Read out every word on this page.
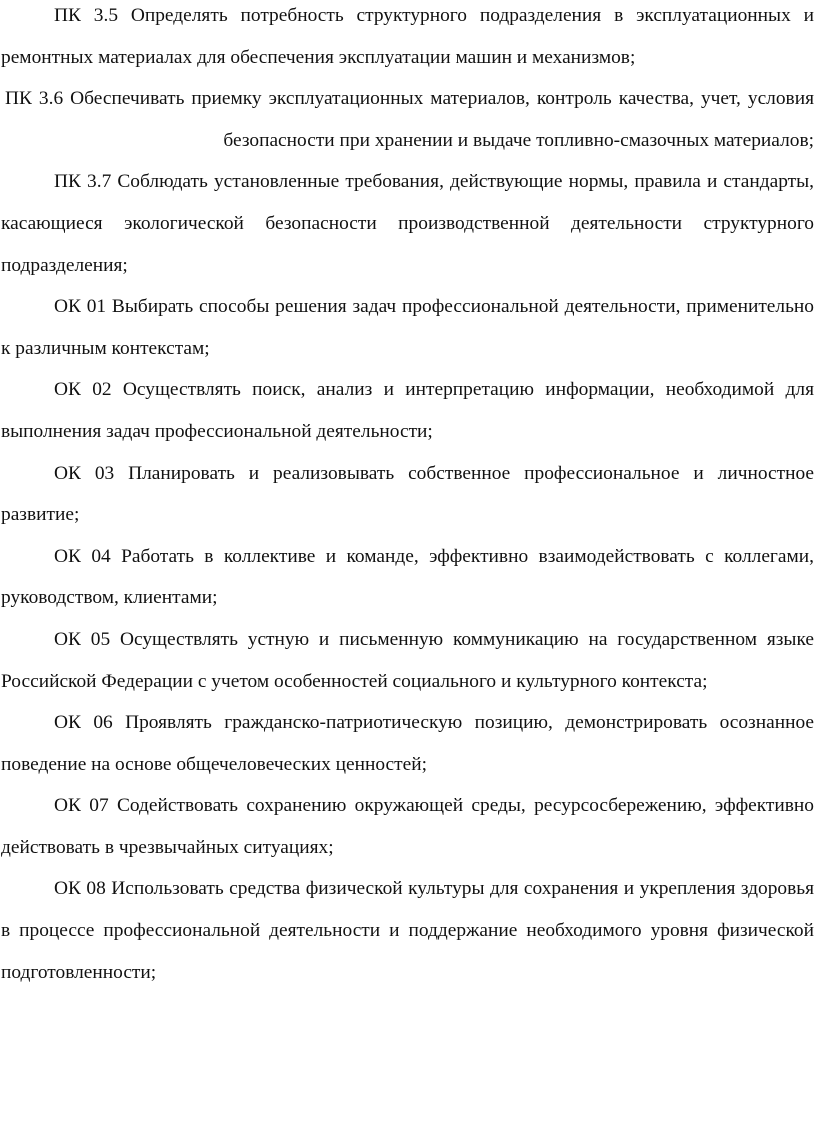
ПК 3.5 Определять потребность структурного подразделения в эксплуатационных и ремонтных материалах для обеспечения эксплуатации машин и механизмов;

ПК 3.6 Обеспечивать приемку эксплуатационных материалов, контроль качества, учет, условия безопасности при хранении и выдаче топливно-смазочных материалов;

ПК 3.7 Соблюдать установленные требования, действующие нормы, правила и стандарты, касающиеся экологической безопасности производственной деятельности структурного подразделения;

ОК 01 Выбирать способы решения задач профессиональной деятельности, применительно к различным контекстам;

ОК 02 Осуществлять поиск, анализ и интерпретацию информации, необходимой для выполнения задач профессиональной деятельности;

ОК 03 Планировать и реализовывать собственное профессиональное и личностное развитие;

ОК 04 Работать в коллективе и команде, эффективно взаимодействовать с коллегами, руководством, клиентами;

ОК 05 Осуществлять устную и письменную коммуникацию на государственном языке Российской Федерации с учетом особенностей социального и культурного контекста;

ОК 06 Проявлять гражданско-патриотическую позицию, демонстрировать осознанное поведение на основе общечеловеческих ценностей;

ОК 07 Содействовать сохранению окружающей среды, ресурсосбережению, эффективно действовать в чрезвычайных ситуациях;

ОК 08 Использовать средства физической культуры для сохранения и укрепления здоровья в процессе профессиональной деятельности и поддержание необходимого уровня физической подготовленности;
